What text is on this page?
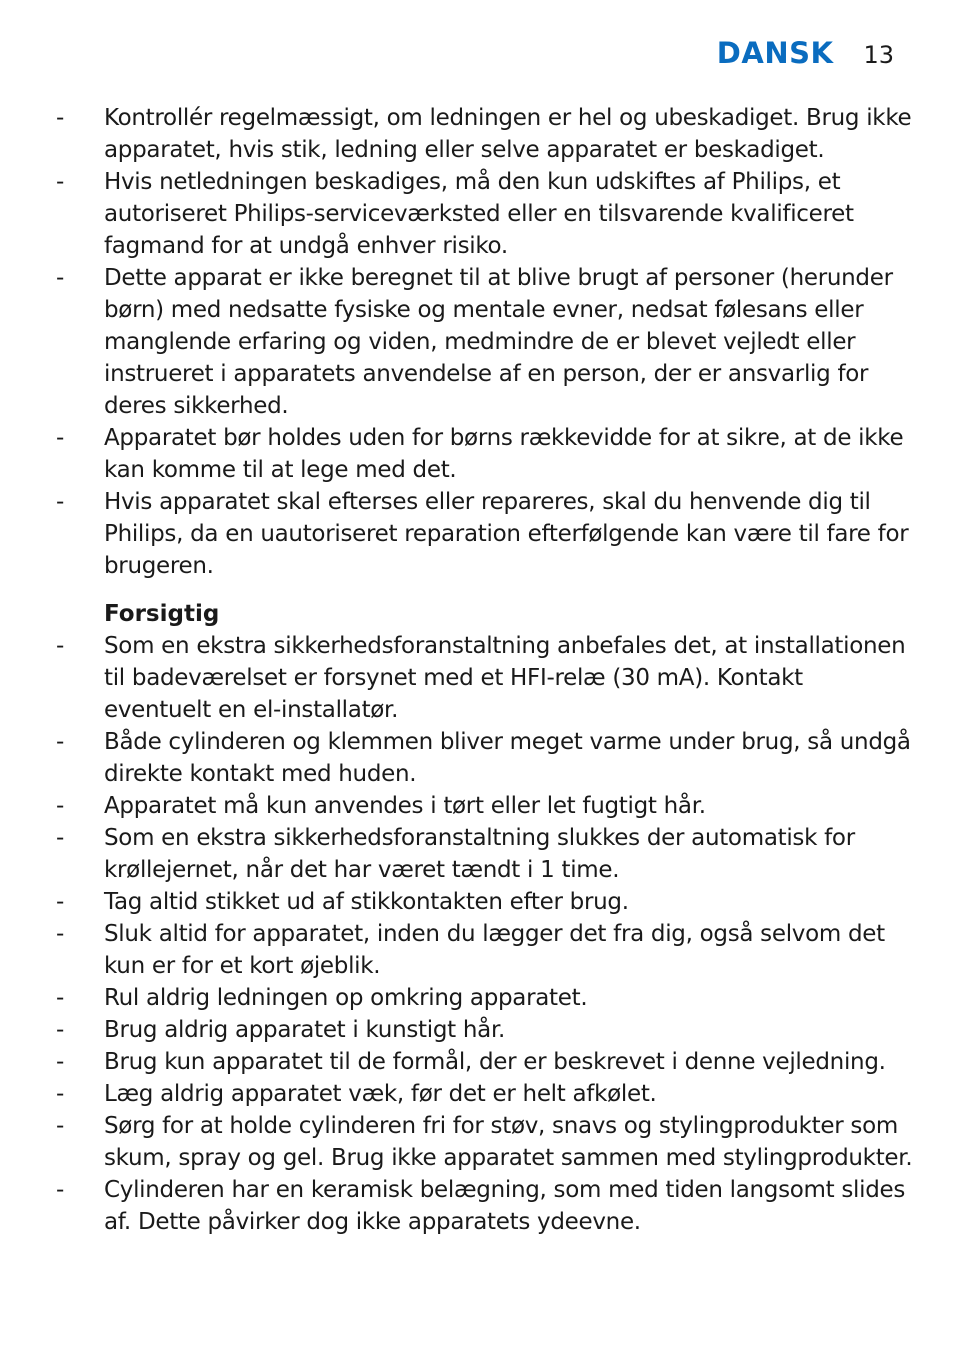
DANSK 13
-	Kontrollér regelmæssigt, om ledningen er hel og ubeskadiget. Brug ikke apparatet, hvis stik, ledning eller selve apparatet er beskadiget.
-	Hvis netledningen beskadiges, må den kun udskiftes af Philips, et autoriseret Philips-serviceværksted eller en tilsvarende kvalificeret fagmand for at undgå enhver risiko.
-	Dette apparat er ikke beregnet til at blive brugt af personer (herunder børn) med nedsatte fysiske og mentale evner, nedsat følesans eller manglende erfaring og viden, medmindre de er blevet vejledt eller instrueret i apparatets anvendelse af en person, der er ansvarlig for deres sikkerhed.
-	Apparatet bør holdes uden for børns rækkevidde for at sikre, at de ikke kan komme til at lege med det.
-	Hvis apparatet skal efterses eller repareres, skal du henvende dig til Philips, da en uautoriseret reparation efterfølgende kan være til fare for brugeren.
Forsigtig
-	Som en ekstra sikkerhedsforanstaltning anbefales det, at installationen til badeværelset er forsynet med et HFI-relæ (30 mA). Kontakt eventuelt en el-installatør.
-	Både cylinderen og klemmen bliver meget varme under brug, så undgå direkte kontakt med huden.
-	Apparatet må kun anvendes i tørt eller let fugtigt hår.
-	Som en ekstra sikkerhedsforanstaltning slukkes der automatisk for krøllejernet, når det har været tændt i 1 time.
-	Tag altid stikket ud af stikkontakten efter brug.
-	Sluk altid for apparatet, inden du lægger det fra dig, også selvom det kun er for et kort øjeblik.
-	Rul aldrig ledningen op omkring apparatet.
-	Brug aldrig apparatet i kunstigt hår.
-	Brug kun apparatet til de formål, der er beskrevet i denne vejledning.
-	Læg aldrig apparatet væk, før det er helt afkølet.
-	Sørg for at holde cylinderen fri for støv, snavs og stylingprodukter som skum, spray og gel. Brug ikke apparatet sammen med stylingprodukter.
-	Cylinderen har en keramisk belægning, som med tiden langsomt slides af. Dette påvirker dog ikke apparatets ydeevne.
